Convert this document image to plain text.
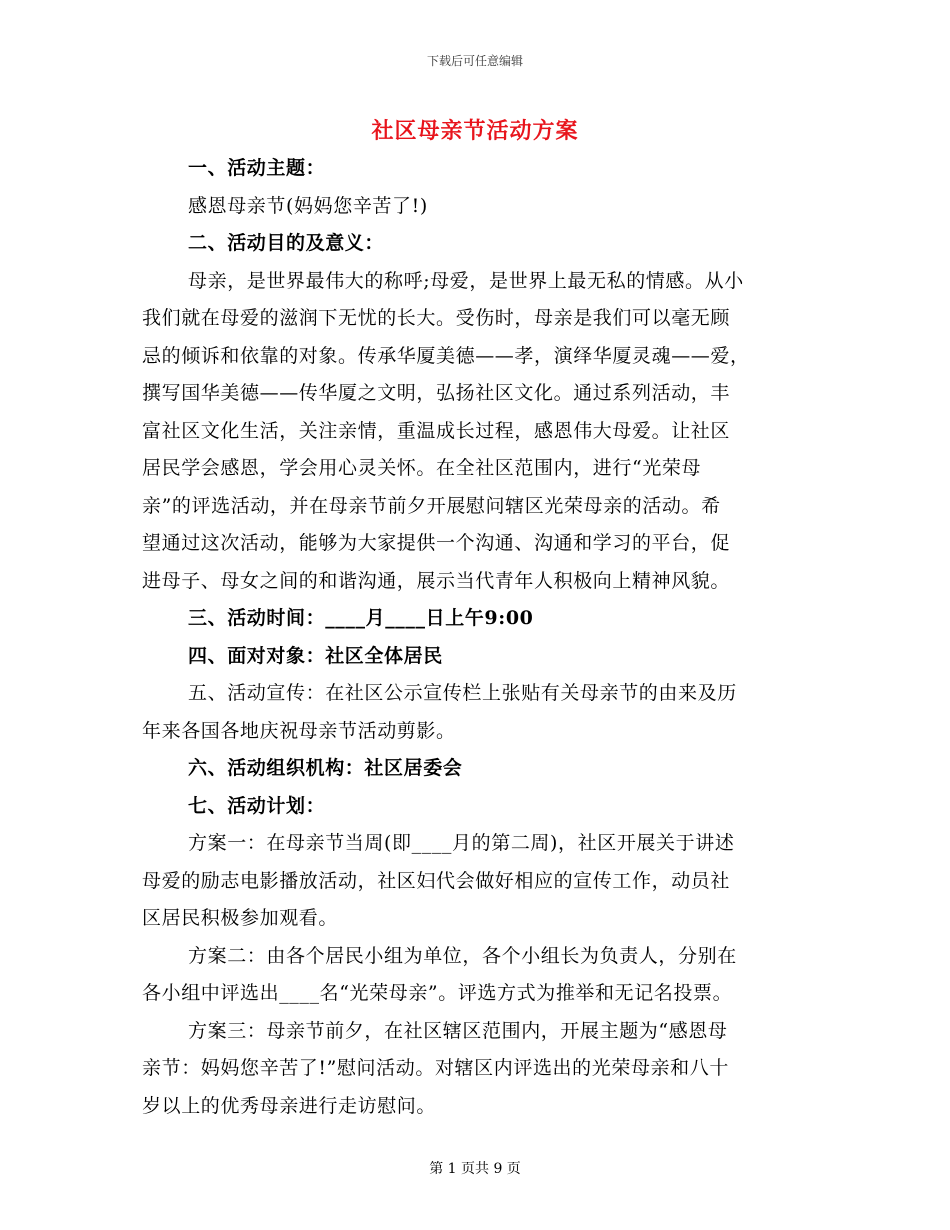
下载后可任意编辑
社区母亲节活动方案
一、活动主题：
感恩母亲节(妈妈您辛苦了!)
二、活动目的及意义：
母亲，是世界最伟大的称呼;母爱，是世界上最无私的情感。从小
我们就在母爱的滋润下无忧的长大。受伤时，母亲是我们可以毫无顾
忌的倾诉和依靠的对象。传承华厦美德——孝，演绎华厦灵魂——爱，
撰写国华美德——传华厦之文明，弘扬社区文化。通过系列活动，丰
富社区文化生活，关注亲情，重温成长过程，感恩伟大母爱。让社区
居民学会感恩，学会用心灵关怀。在全社区范围内，进行“光荣母
亲”的评选活动，并在母亲节前夕开展慰问辖区光荣母亲的活动。希
望通过这次活动，能够为大家提供一个沟通、沟通和学习的平台，促
进母子、母女之间的和谐沟通，展示当代青年人积极向上精神风貌。
三、活动时间：____月____日上午9:00
四、面对对象：社区全体居民
五、活动宣传：在社区公示宣传栏上张贴有关母亲节的由来及历
年来各国各地庆祝母亲节活动剪影。
六、活动组织机构：社区居委会
七、活动计划：
方案一：在母亲节当周(即____月的第二周)，社区开展关于讲述
母爱的励志电影播放活动，社区妇代会做好相应的宣传工作，动员社
区居民积极参加观看。
方案二：由各个居民小组为单位，各个小组长为负责人，分别在
各小组中评选出____名“光荣母亲”。评选方式为推举和无记名投票。
方案三：母亲节前夕，在社区辖区范围内，开展主题为“感恩母
亲节：妈妈您辛苦了!”慰问活动。对辖区内评选出的光荣母亲和八十
岁以上的优秀母亲进行走访慰问。
第 1 页共 9 页
